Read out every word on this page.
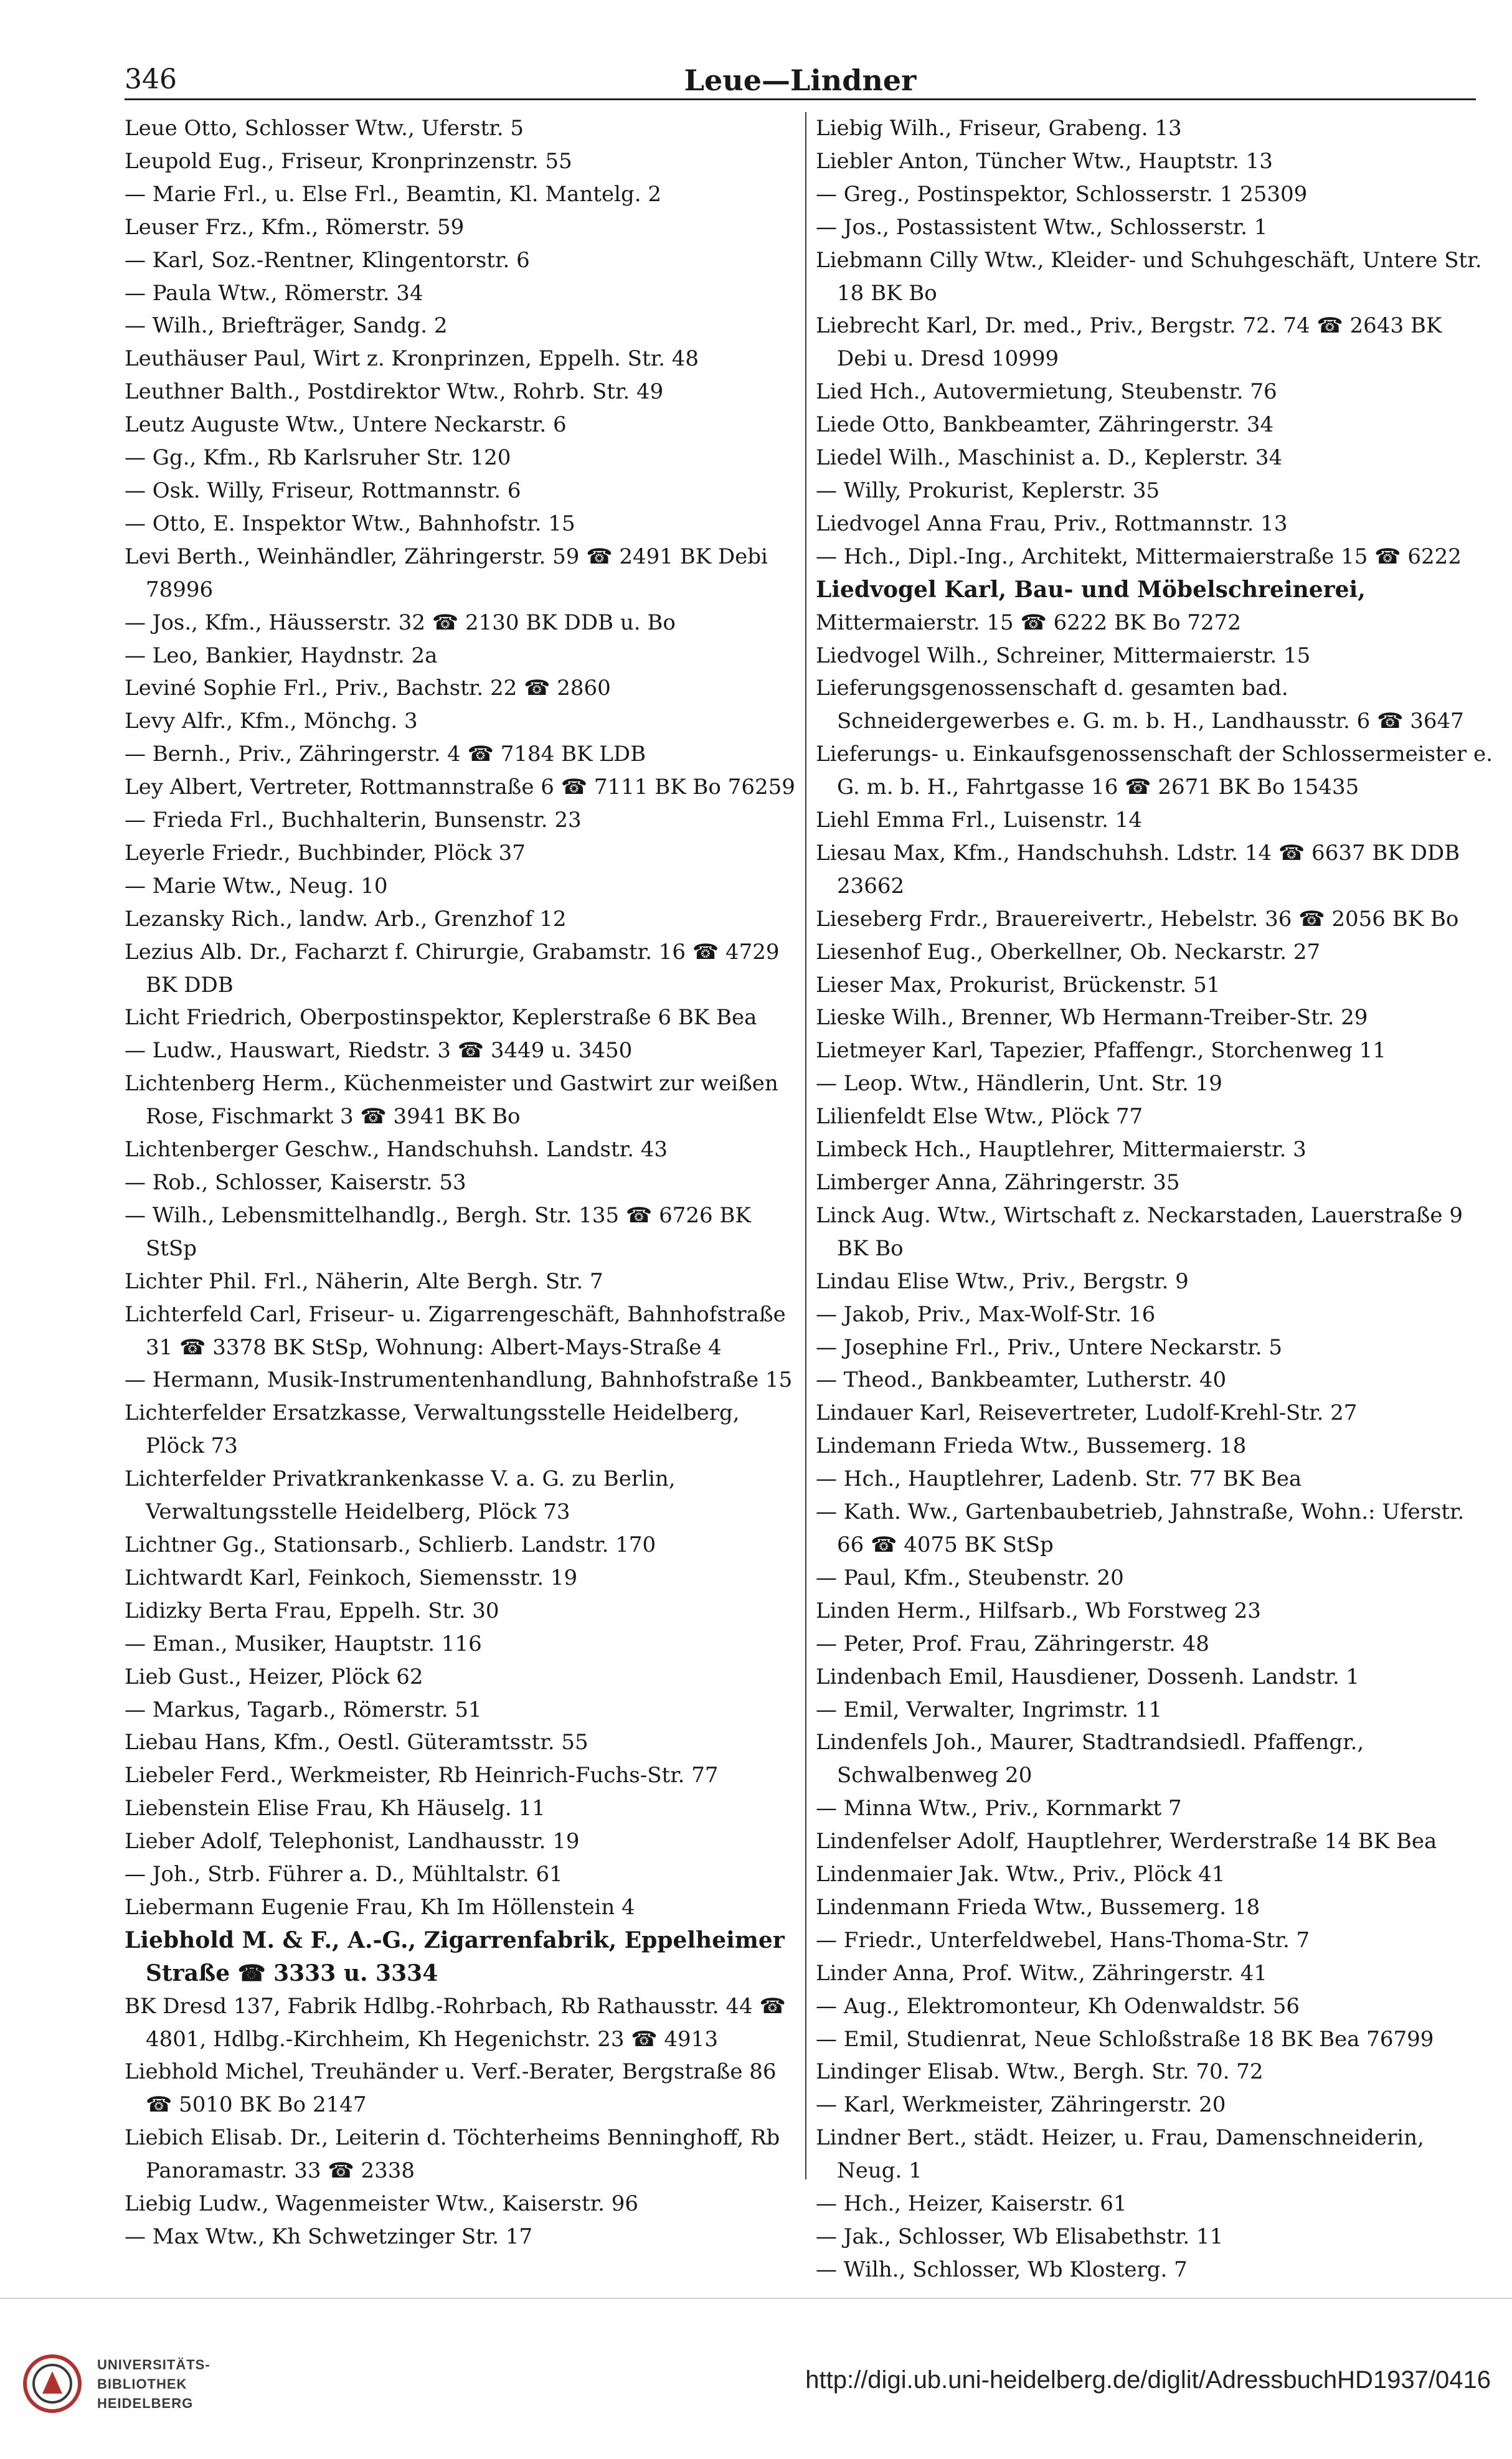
346	Leue—Lindner
Leue Otto, Schlosser Wtw., Uferstr. 5
Leupold Eug., Friseur, Kronprinzenstr. 55
— Marie Frl., u. Else Frl., Beamtin, Kl. Mantelg. 2
Leuser Frz., Kfm., Römerstr. 59
— Karl, Soz.-Rentner, Klingentorstr. 6
— Paula Wtw., Römerstr. 34
— Wilh., Briefträger, Sandg. 2
Leuthäuser Paul, Wirt z. Kronprinzen, Eppelh. Str. 48
Leuthner Balth., Postdirektor Wtw., Rohrb. Str. 49
Leutz Auguste Wtw., Untere Neckarstr. 6
— Gg., Kfm., Rb Karlsruher Str. 120
— Osk. Willy, Friseur, Rottmannstr. 6
— Otto, E. Inspektor Wtw., Bahnhofstr. 15
Levi Berth., Weinhändler, Zähringerstr. 59 ☎ 2491 BK Debi 78996
— Jos., Kfm., Häusserstr. 32 ☎ 2130 BK DDB u. Bo
— Leo, Bankier, Haydnstr. 2a
Leviné Sophie Frl., Priv., Bachstr. 22 ☎ 2860
Levy Alfr., Kfm., Mönchg. 3
— Bernh., Priv., Zähringerstr. 4 ☎ 7184 BK LDB
Ley Albert, Vertreter, Rottmannstraße 6 ☎ 7111 BK Bo 76259
— Frieda Frl., Buchhalterin, Bunsenstr. 23
Leyerle Friedr., Buchbinder, Plöck 37
— Marie Wtw., Neug. 10
Lezansky Rich., landw. Arb., Grenzhof 12
Lezius Alb. Dr., Facharzt f. Chirurgie, Grabamstr. 16 ☎ 4729 BK DDB
Licht Friedrich, Oberpostinspektor, Keplerstraße 6 BK Bea
— Ludw., Hauswart, Riedstr. 3 ☎ 3449 u. 3450
Lichtenberg Herm., Küchenmeister und Gastwirt zur weißen Rose, Fischmarkt 3 ☎ 3941 BK Bo
Lichtenberger Geschw., Handschuhsh. Landstr. 43
— Rob., Schlosser, Kaiserstr. 53
— Wilh., Lebensmittelhandlg., Bergh. Str. 135 ☎ 6726 BK StSp
Lichter Phil. Frl., Näherin, Alte Bergh. Str. 7
Lichterfeld Carl, Friseur- u. Zigarrengeschäft, Bahnhofstraße 31 ☎ 3378 BK StSp, Wohnung: Albert-Mays-Straße 4
— Hermann, Musik-Instrumentenhandlung, Bahnhofstraße 15
Lichterfelder Ersatzkasse, Verwaltungsstelle Heidelberg, Plöck 73
Lichterfelder Privatkrankenkasse V. a. G. zu Berlin, Verwaltungsstelle Heidelberg, Plöck 73
Lichtner Gg., Stationsarb., Schlierb. Landstr. 170
Lichtwardt Karl, Feinkoch, Siemensstr. 19
Lidizky Berta Frau, Eppelh. Str. 30
— Eman., Musiker, Hauptstr. 116
Lieb Gust., Heizer, Plöck 62
— Markus, Tagarb., Römerstr. 51
Liebau Hans, Kfm., Oestl. Güteramtsstr. 55
Liebeler Ferd., Werkmeister, Rb Heinrich-Fuchs-Str. 77
Liebenstein Elise Frau, Kh Häuselg. 11
Lieber Adolf, Telephonist, Landhausstr. 19
— Joh., Strb. Führer a. D., Mühltalstr. 61
Liebermann Eugenie Frau, Kh Im Höllenstein 4
Liebhold M. & F., A.-G., Zigarrenfabrik, Eppelheimer Straße ☎ 3333 u. 3334
BK Dresd 137, Fabrik Hdlbg.-Rohrbach, Rb Rathausstr. 44 ☎ 4801, Hdlbg.-Kirchheim, Kh Hegenichstr. 23 ☎ 4913
Liebhold Michel, Treuhänder u. Verf.-Berater, Bergstraße 86 ☎ 5010 BK Bo 2147
Liebich Elisab. Dr., Leiterin d. Töchterheims Benninghoff, Rb Panoramastr. 33 ☎ 2338
Liebig Ludw., Wagenmeister Wtw., Kaiserstr. 96
— Max Wtw., Kh Schwetzinger Str. 17
Liebig Wilh., Friseur, Grabeng. 13
Liebler Anton, Tüncher Wtw., Hauptstr. 13
— Greg., Postinspektor, Schlosserstr. 1 25309
— Jos., Postassistent Wtw., Schlosserstr. 1
Liebmann Cilly Wtw., Kleider- und Schuhgeschäft, Untere Str. 18 BK Bo
Liebrecht Karl, Dr. med., Priv., Bergstr. 72. 74 ☎ 2643 BK Debi u. Dresd 10999
Lied Hch., Autovermietung, Steubenstr. 76
Liede Otto, Bankbeamter, Zähringerstr. 34
Liedel Wilh., Maschinist a. D., Keplerstr. 34
— Willy, Prokurist, Keplerstr. 35
Liedvogel Anna Frau, Priv., Rottmannstr. 13
— Hch., Dipl.-Ing., Architekt, Mittermaierstraße 15 ☎ 6222
Liedvogel Karl, Bau- und Möbelschreinerei,
Mittermaierstr. 15 ☎ 6222 BK Bo 7272
Liedvogel Wilh., Schreiner, Mittermaierstr. 15
Lieferungsgenossenschaft d. gesamten bad. Schneidergewerbes e. G. m. b. H., Landhausstr. 6 ☎ 3647
Lieferungs- u. Einkaufsgenossenschaft der Schlossermeister e. G. m. b. H., Fahrtgasse 16 ☎ 2671 BK Bo 15435
Liehl Emma Frl., Luisenstr. 14
Liesau Max, Kfm., Handschuhsh. Ldstr. 14 ☎ 6637 BK DDB 23662
Lieseberg Frdr., Brauereivertr., Hebelstr. 36 ☎ 2056 BK Bo
Liesenhof Eug., Oberkellner, Ob. Neckarstr. 27
Lieser Max, Prokurist, Brückenstr. 51
Lieske Wilh., Brenner, Wb Hermann-Treiber-Str. 29
Lietmeyer Karl, Tapezier, Pfaffengr., Storchenweg 11
— Leop. Wtw., Händlerin, Unt. Str. 19
Lilienfeldt Else Wtw., Plöck 77
Limbeck Hch., Hauptlehrer, Mittermaierstr. 3
Limberger Anna, Zähringerstr. 35
Linck Aug. Wtw., Wirtschaft z. Neckarstaden, Lauerstraße 9 BK Bo
Lindau Elise Wtw., Priv., Bergstr. 9
— Jakob, Priv., Max-Wolf-Str. 16
— Josephine Frl., Priv., Untere Neckarstr. 5
— Theod., Bankbeamter, Lutherstr. 40
Lindauer Karl, Reisevertreter, Ludolf-Krehl-Str. 27
Lindemann Frieda Wtw., Bussemerg. 18
— Hch., Hauptlehrer, Ladenb. Str. 77 BK Bea
— Kath. Ww., Gartenbaubetrieb, Jahnstraße, Wohn.: Uferstr. 66 ☎ 4075 BK StSp
— Paul, Kfm., Steubenstr. 20
Linden Herm., Hilfsarb., Wb Forstweg 23
— Peter, Prof. Frau, Zähringerstr. 48
Lindenbach Emil, Hausdiener, Dossenh. Landstr. 1
— Emil, Verwalter, Ingrimstr. 11
Lindenfels Joh., Maurer, Stadtrandsiedl. Pfaffengr., Schwalbenweg 20
— Minna Wtw., Priv., Kornmarkt 7
Lindenfelser Adolf, Hauptlehrer, Werderstraße 14 BK Bea
Lindenmaier Jak. Wtw., Priv., Plöck 41
Lindenmann Frieda Wtw., Bussemerg. 18
— Friedr., Unterfeldwebel, Hans-Thoma-Str. 7
Linder Anna, Prof. Witw., Zähringerstr. 41
— Aug., Elektromonteur, Kh Odenwaldstr. 56
— Emil, Studienrat, Neue Schloßstraße 18 BK Bea 76799
Lindinger Elisab. Wtw., Bergh. Str. 70. 72
— Karl, Werkmeister, Zähringerstr. 20
Lindner Bert., städt. Heizer, u. Frau, Damenschneiderin, Neug. 1
— Hch., Heizer, Kaiserstr. 61
— Jak., Schlosser, Wb Elisabethstr. 11
— Wilh., Schlosser, Wb Klosterg. 7
UNIVERSITÄTS-
BIBLIOTHEK
HEIDELBERG
http://digi.ub.uni-heidelberg.de/diglit/AdressbuchHD1937/0416
